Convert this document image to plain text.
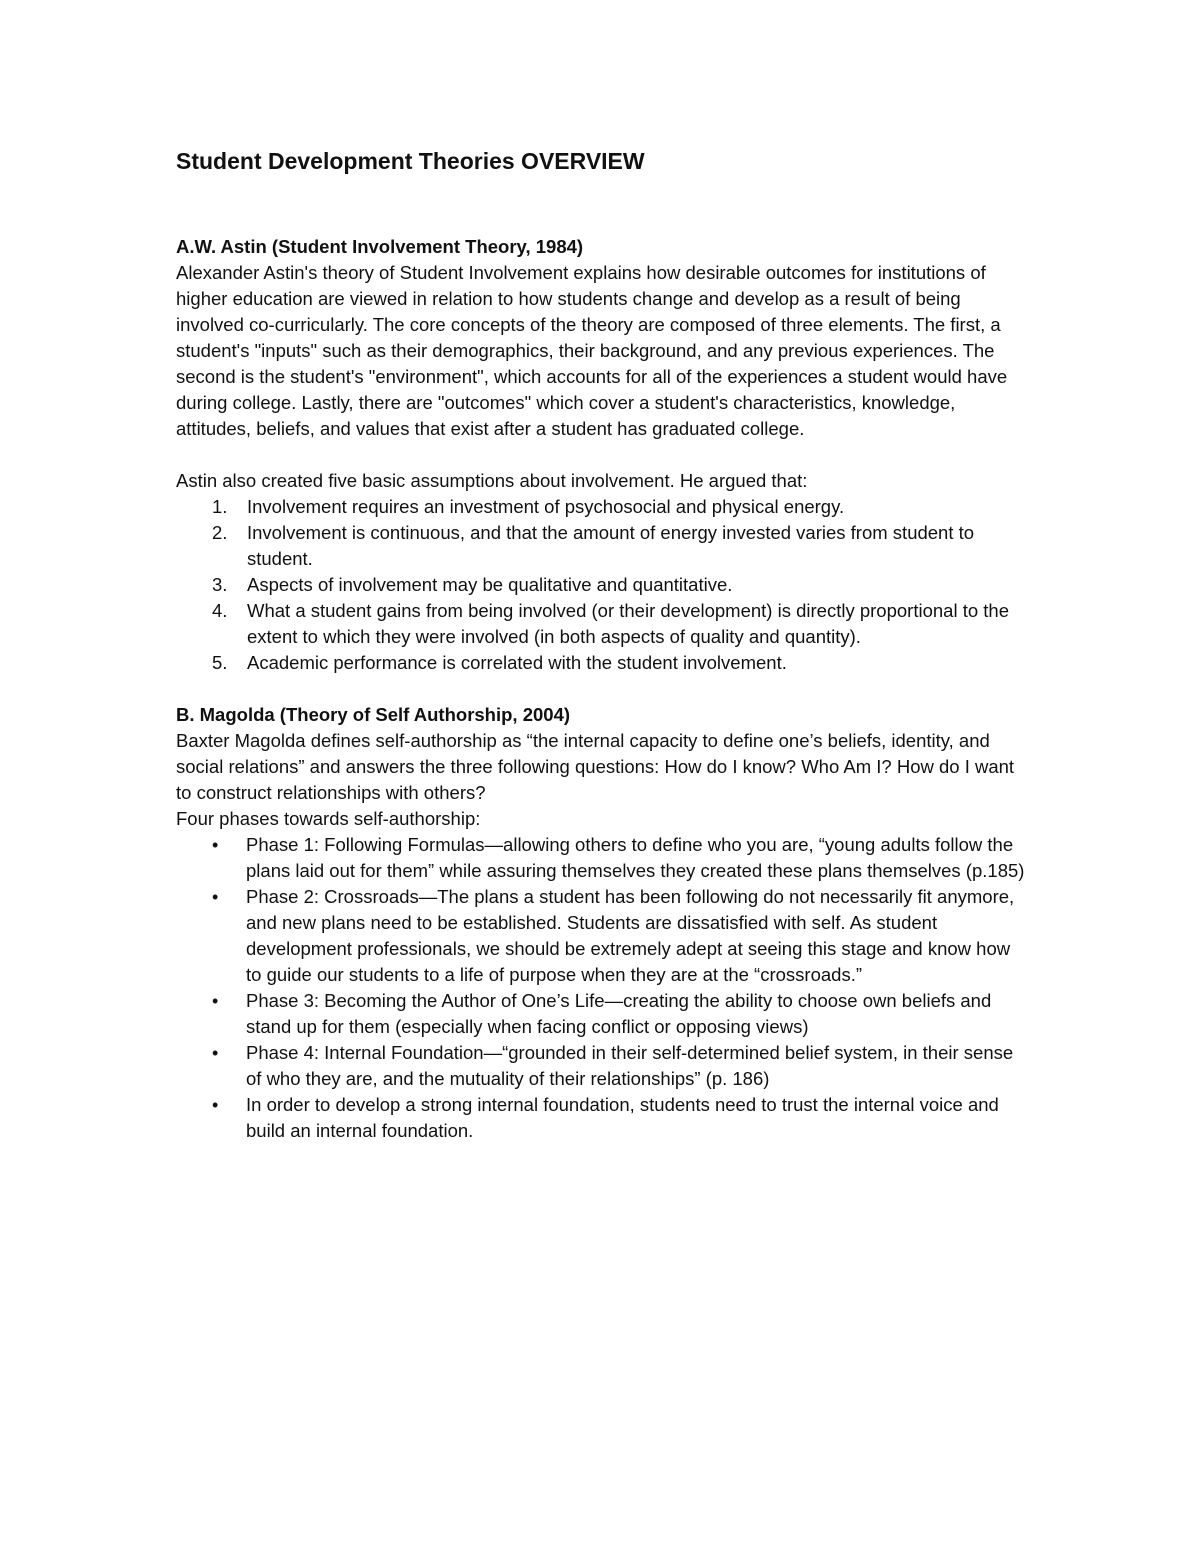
Student Development Theories OVERVIEW

A.W. Astin (Student Involvement Theory, 1984)

Alexander Astin's theory of Student Involvement explains how desirable outcomes for institutions of higher education are viewed in relation to how students change and develop as a result of being involved co-curricularly. The core concepts of the theory are composed of three elements. The first, a student's "inputs" such as their demographics, their background, and any previous experiences. The second is the student's "environment", which accounts for all of the experiences a student would have during college. Lastly, there are "outcomes" which cover a student's characteristics, knowledge, attitudes, beliefs, and values that exist after a student has graduated college.

Astin also created five basic assumptions about involvement. He argued that:

1. Involvement requires an investment of psychosocial and physical energy.
2. Involvement is continuous, and that the amount of energy invested varies from student to student.
3. Aspects of involvement may be qualitative and quantitative.
4. What a student gains from being involved (or their development) is directly proportional to the extent to which they were involved (in both aspects of quality and quantity).
5. Academic performance is correlated with the student involvement.

B. Magolda (Theory of Self Authorship, 2004)

Baxter Magolda defines self-authorship as “the internal capacity to define one’s beliefs, identity, and social relations” and answers the three following questions: How do I know? Who Am I? How do I want to construct relationships with others?

Four phases towards self-authorship:

• Phase 1: Following Formulas—allowing others to define who you are, “young adults follow the plans laid out for them” while assuring themselves they created these plans themselves (p.185)
• Phase 2: Crossroads—The plans a student has been following do not necessarily fit anymore, and new plans need to be established. Students are dissatisfied with self. As student development professionals, we should be extremely adept at seeing this stage and know how to guide our students to a life of purpose when they are at the “crossroads.”
• Phase 3: Becoming the Author of One’s Life—creating the ability to choose own beliefs and stand up for them (especially when facing conflict or opposing views)
• Phase 4: Internal Foundation—“grounded in their self-determined belief system, in their sense of who they are, and the mutuality of their relationships” (p. 186)
• In order to develop a strong internal foundation, students need to trust the internal voice and build an internal foundation.
